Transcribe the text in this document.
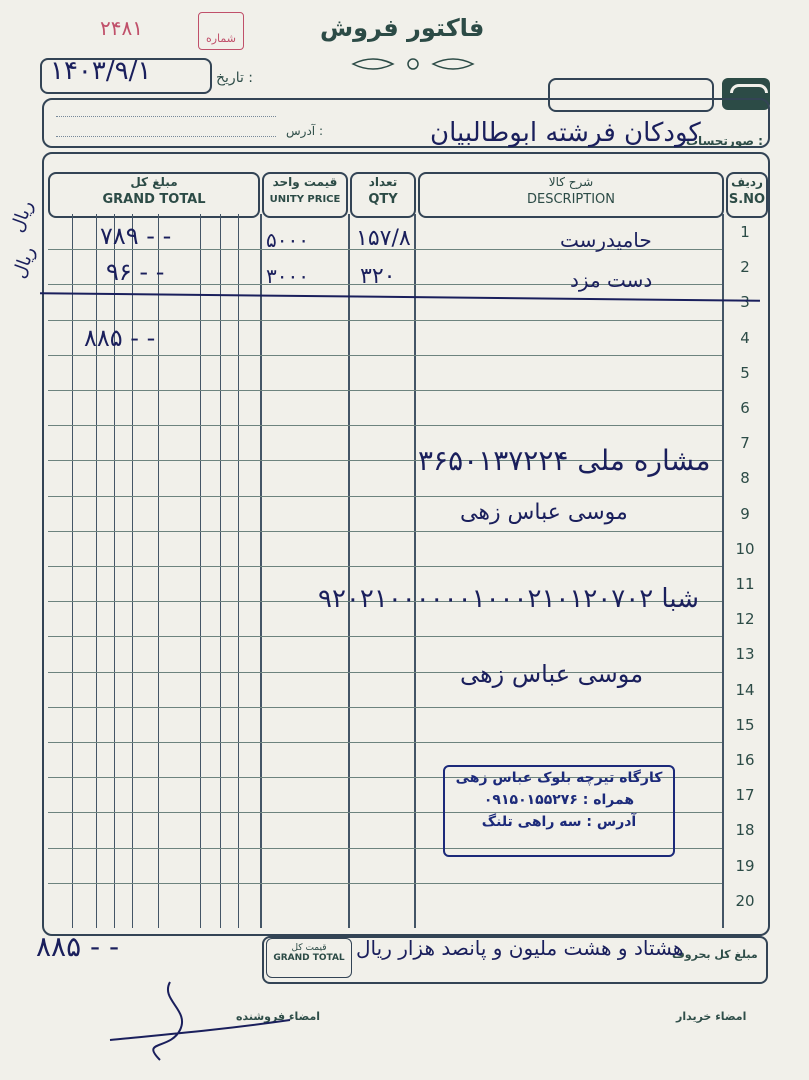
فاکتور فروش
۲۴۸۱	شماره
تاریخ :
۱۴۰۳/۹/۱
آدرس :
صورتحساب :
کودکان فرشته ابوطالبیان
مبلغ کل
GRAND TOTAL
قیمت واحد
UNITY PRICE
تعداد
QTY
شرح کالا
DESCRIPTION
ردیف
S.NO
1
2
3
4
5
6
7
8
9
10
11
12
13
14
15
16
17
18
19
20
حامیدرست
۱۵۷/۸
۵۰۰۰
۷۸۹ - -
ریال
دست مزد
۳۲۰
۳۰۰۰
۹۶ - -
ریال
۸۸۵ - -
مشاره ملی ۳۶۵۰۱۳۷۲۲۴
موسی عباس زهی
شبا ۹۲۰۲۱۰۰۰۰۰۰۱۰۰۰۲۱۰۱۲۰۷۰۲
موسی عباس زهی
کارگاه تیرچه بلوک عباس زهی
همراه : ۰۹۱۵۰۱۵۵۲۷۶
آدرس : سه راهی تلنگ
قیمت کل
GRAND TOTAL	مبلغ کل بحروف
هشتاد و هشت ملیون و پانصد هزار ریال
۸۸۵ - -
امضاء خریدار
امضاء فروشنده
